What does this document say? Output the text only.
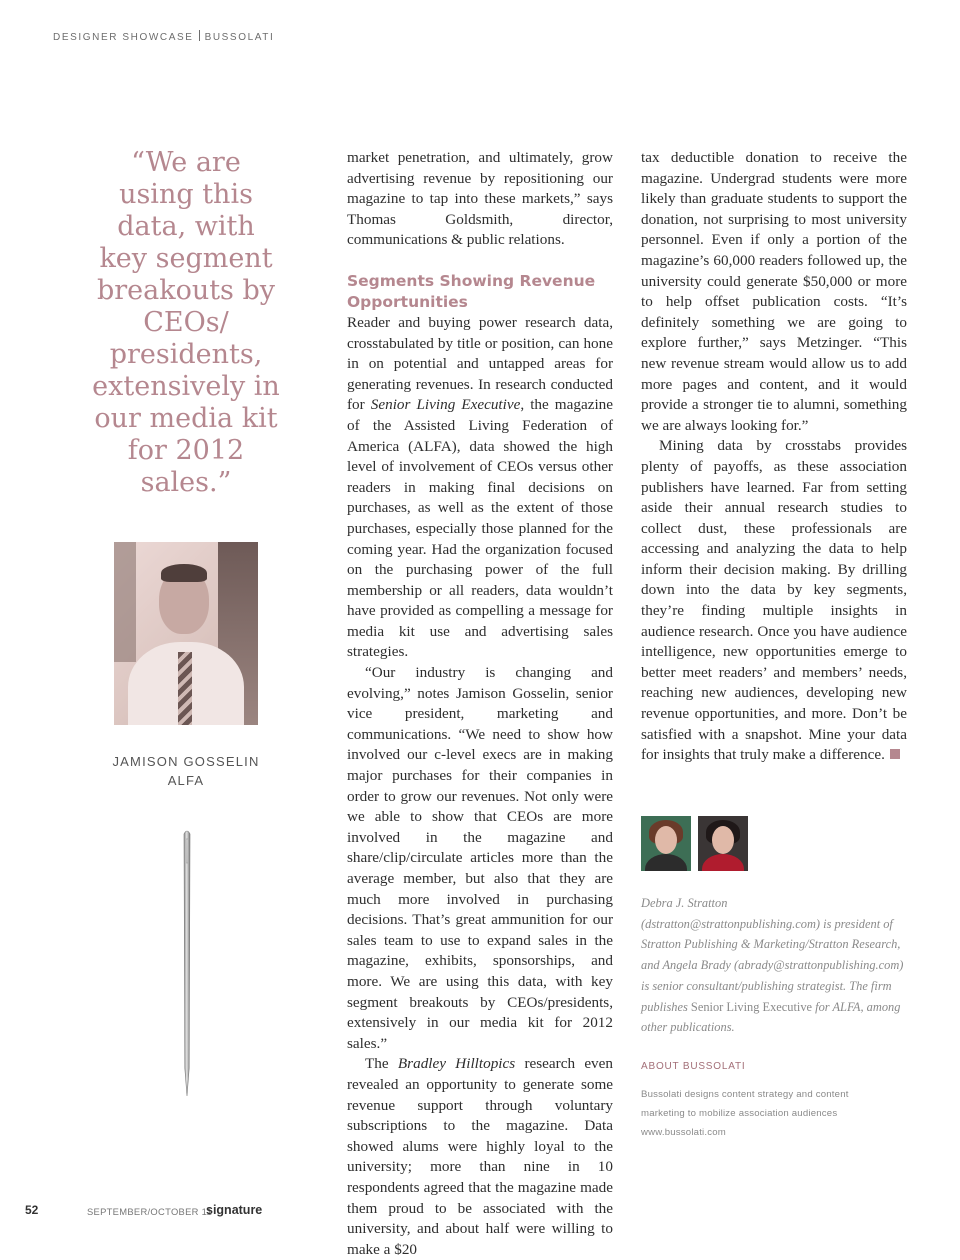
DESIGNER SHOWCASE BUSSOLATI
“We are using this data, with key segment breakouts by CEOs/ presidents, extensively in our media kit for 2012 sales.”
JAMISON GOSSELIN
ALFA

market penetration, and ultimately, grow advertising revenue by repositioning our magazine to tap into these markets,” says Thomas Goldsmith, director, communications & public relations.

Segments Showing Revenue Opportunities

Reader and buying power research data, crosstabulated by title or position, can hone in on potential and untapped areas for generating revenues. In research conducted for Senior Living Executive, the magazine of the Assisted Living Federation of America (ALFA), data showed the high level of involvement of CEOs versus other readers in making final decisions on purchases, as well as the extent of those purchases, especially those planned for the coming year. Had the organization focused on the purchasing power of the full membership or all readers, data wouldn’t have provided as compelling a message for media kit use and advertising sales strategies.

“Our industry is changing and evolving,” notes Jamison Gosselin, senior vice president, marketing and communications. “We need to show how involved our c-level execs are in making major purchases for their companies in order to grow our revenues. Not only were we able to show that CEOs are more involved in the magazine and share/clip/circulate articles more than the average member, but also that they are much more involved in purchasing decisions. That’s great ammunition for our sales team to use to expand sales in the magazine, exhibits, sponsorships, and more. We are using this data, with key segment breakouts by CEOs/presidents, extensively in our media kit for 2012 sales.”

The Bradley Hilltopics research even revealed an opportunity to generate some revenue support through voluntary subscriptions to the magazine. Data showed alums were highly loyal to the university; more than nine in 10 respondents agreed that the magazine made them proud to be associated with the university, and about half were willing to make a $20

tax deductible donation to receive the magazine. Undergrad students were more likely than graduate students to support the donation, not surprising to most university personnel. Even if only a portion of the magazine’s 60,000 readers followed up, the university could generate $50,000 or more to help offset publication costs. “It’s definitely something we are going to explore further,” says Metzinger. “This new revenue stream would allow us to add more pages and content, and it would provide a stronger tie to alumni, something we are always looking for.”

Mining data by crosstabs provides plenty of payoffs, as these association publishers have learned. Far from setting aside their annual research studies to collect dust, these professionals are accessing and analyzing the data to help inform their decision making. By drilling down into the data by key segments, they’re finding multiple insights in audience research. Once you have audience intelligence, new opportunities emerge to better meet readers’ and members’ needs, reaching new audiences, developing new revenue opportunities, and more. Don’t be satisfied with a snapshot. Mine your data for insights that truly make a difference.

Debra J. Stratton (dstratton@strattonpublishing.com) is president of Stratton Publishing & Marketing/Stratton Research, and Angela Brady (abrady@strattonpublishing.com) is senior consultant/publishing strategist. The firm publishes Senior Living Executive for ALFA, among other publications.
ABOUT BUSSOLATI
Bussolati designs content strategy and content
marketing to mobilize association audiences
www.bussolati.com
52	SEPTEMBER/OCTOBER 11
signature
